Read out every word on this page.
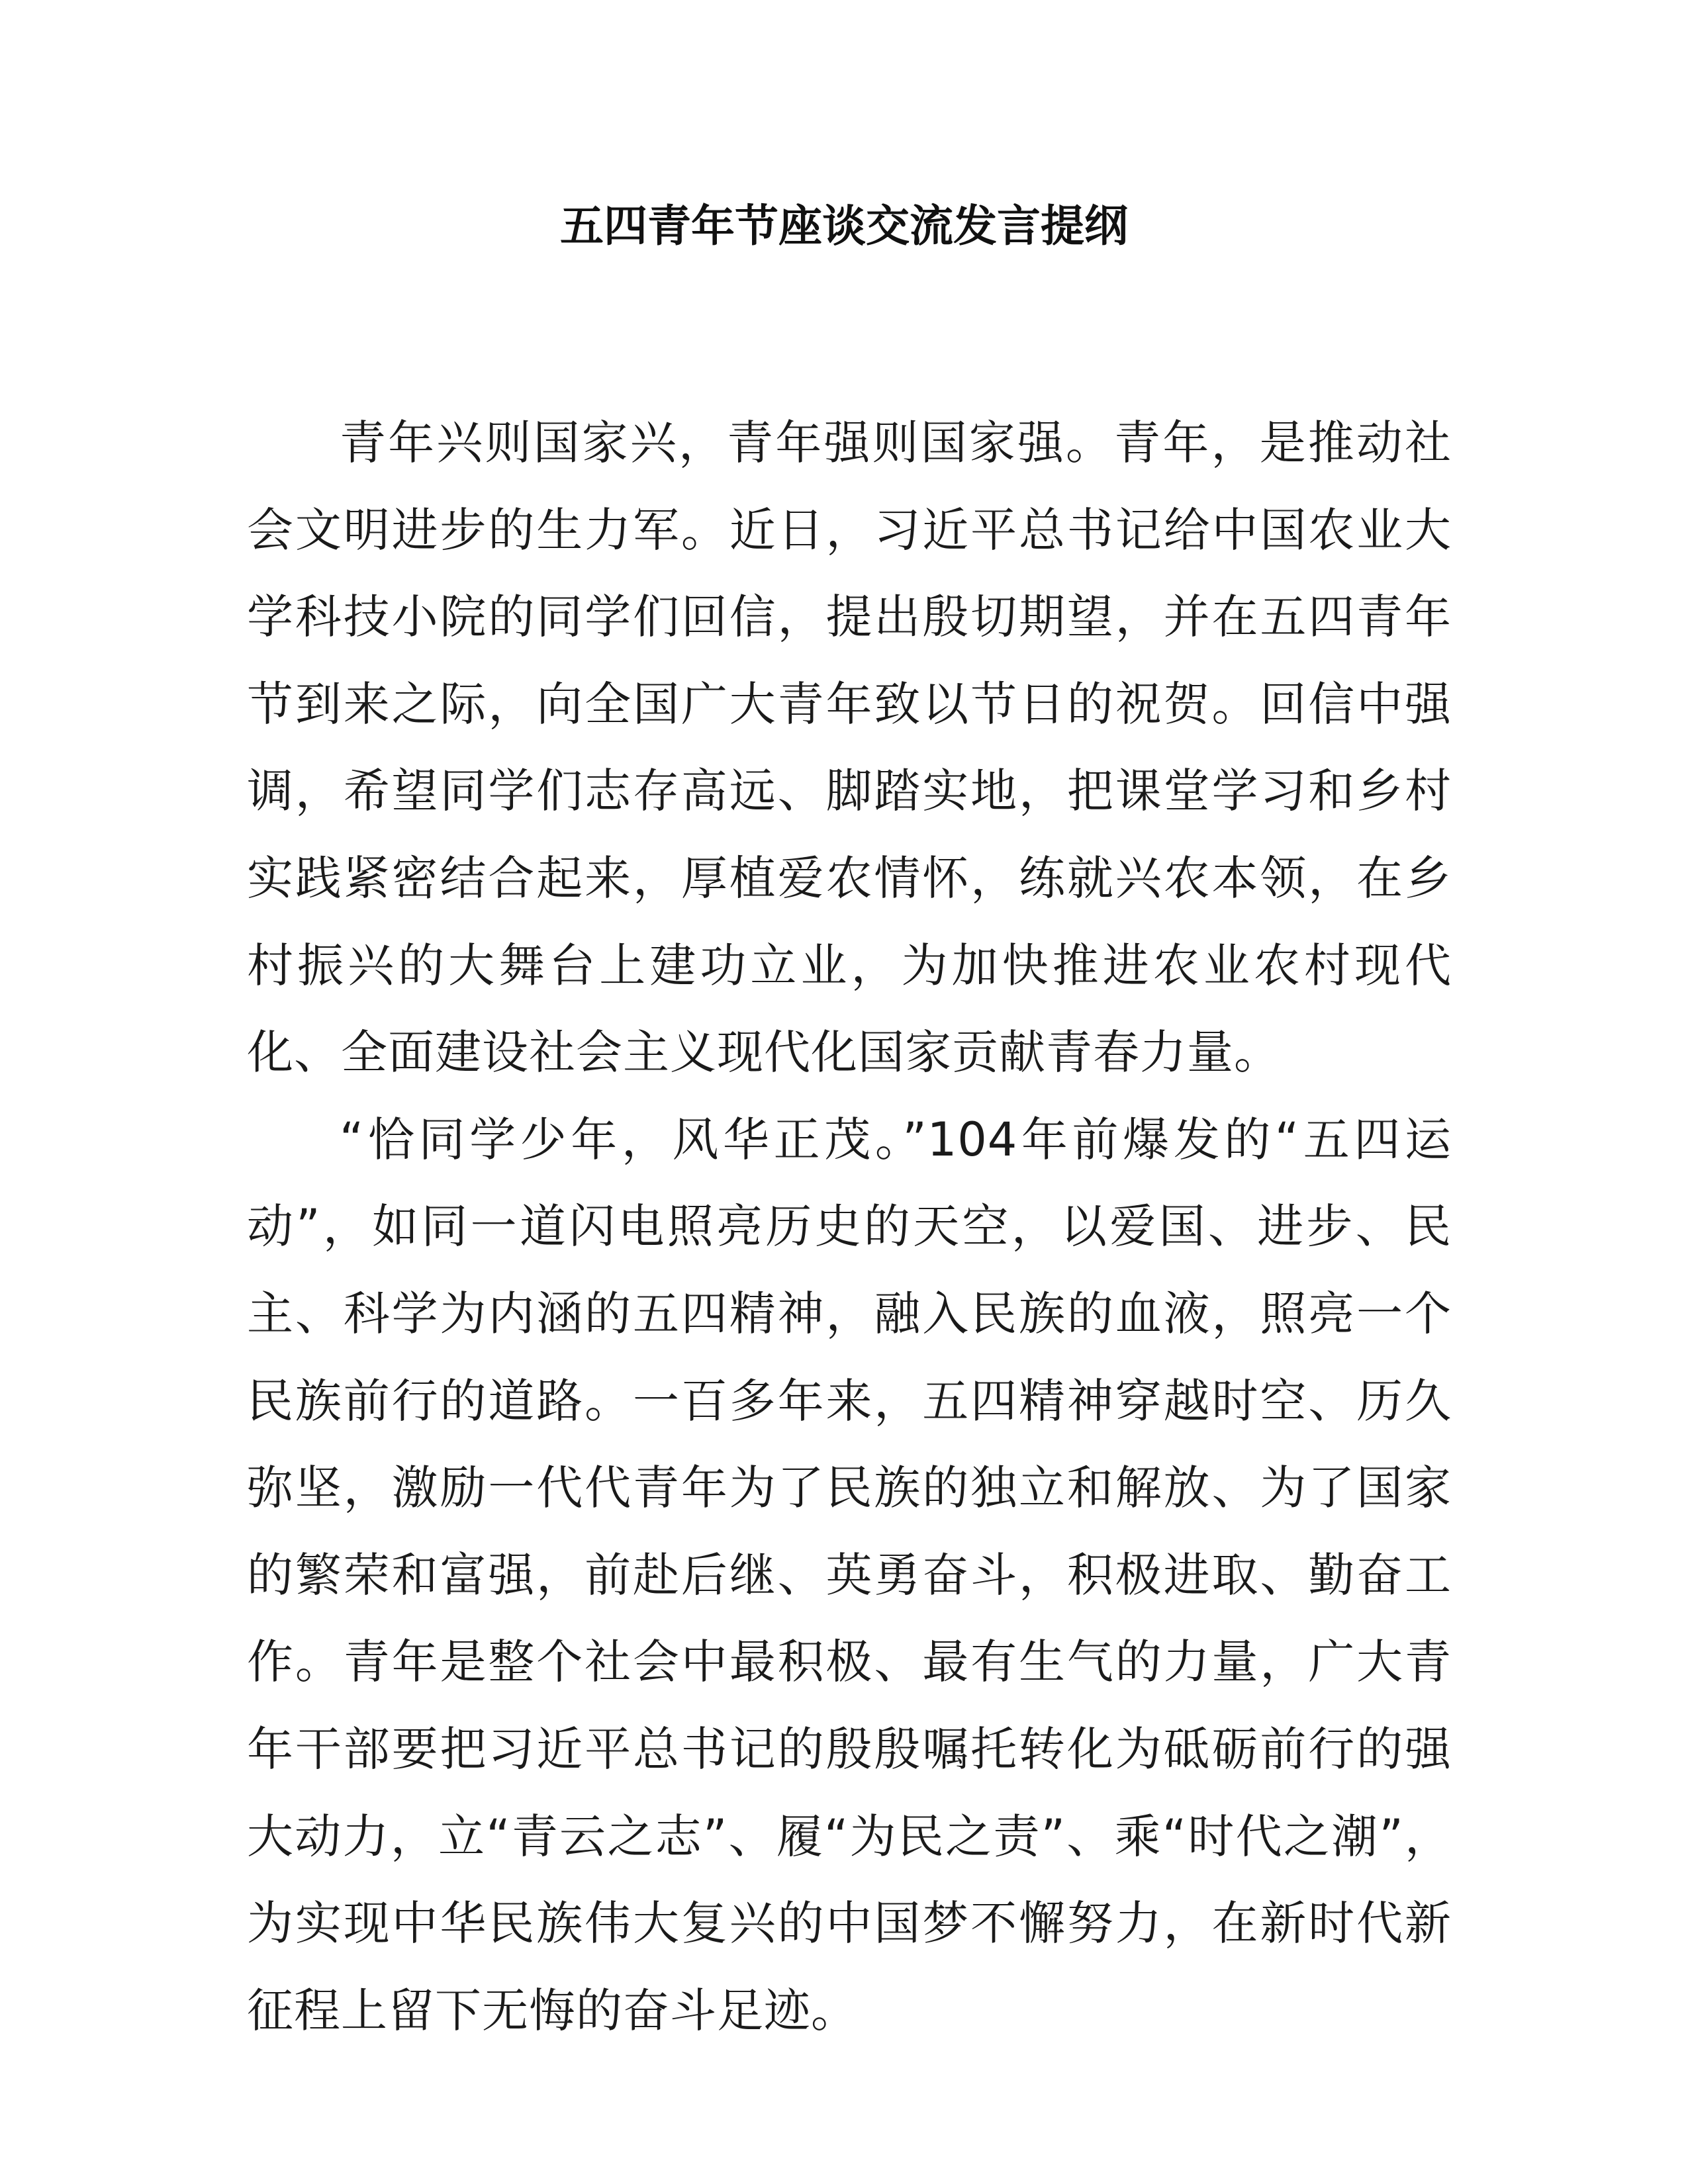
五四青年节座谈交流发言提纲

青年兴则国家兴，青年强则国家强。青年，是推动社会文明进步的生力军。近日，习近平总书记给中国农业大学科技小院的同学们回信，提出殷切期望，并在五四青年节到来之际，向全国广大青年致以节日的祝贺。回信中强调，希望同学们志存高远、脚踏实地，把课堂学习和乡村实践紧密结合起来，厚植爱农情怀，练就兴农本领，在乡村振兴的大舞台上建功立业，为加快推进农业农村现代化、全面建设社会主义现代化国家贡献青春力量。

“恰同学少年，风华正茂。”104年前爆发的“五四运动”，如同一道闪电照亮历史的天空，以爱国、进步、民主、科学为内涵的五四精神，融入民族的血液，照亮一个民族前行的道路。一百多年来，五四精神穿越时空、历久弥坚，激励一代代青年为了民族的独立和解放、为了国家的繁荣和富强，前赴后继、英勇奋斗，积极进取、勤奋工作。青年是整个社会中最积极、最有生气的力量，广大青年干部要把习近平总书记的殷殷嘱托转化为砥砺前行的强大动力，立“青云之志”、履“为民之责”、乘“时代之潮”，为实现中华民族伟大复兴的中国梦不懈努力，在新时代新征程上留下无悔的奋斗足迹。
